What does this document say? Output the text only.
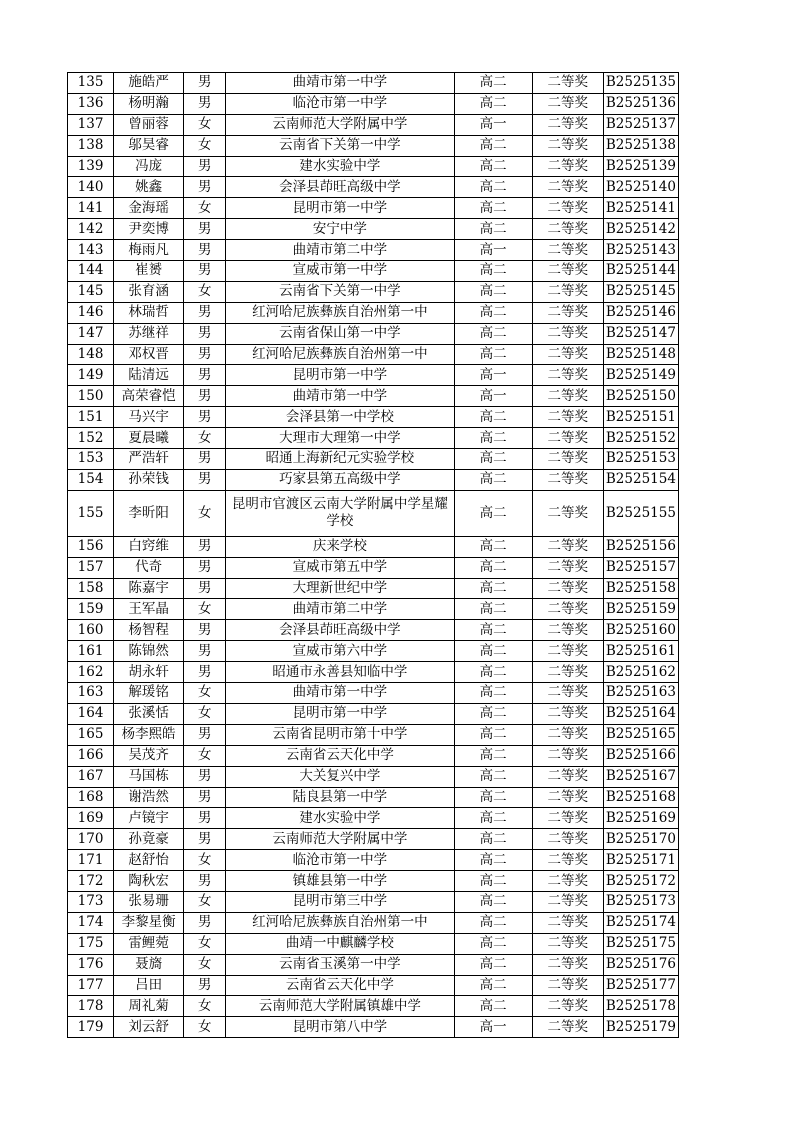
135	施皓严	男	曲靖市第一中学	高二	二等奖	B2525135
136	杨明瀚	男	临沧市第一中学	高二	二等奖	B2525136
137	曾丽蓉	女	云南师范大学附属中学	高一	二等奖	B2525137
138	邬昊睿	女	云南省下关第一中学	高二	二等奖	B2525138
139	冯庞	男	建水实验中学	高二	二等奖	B2525139
140	姚鑫	男	会泽县茚旺高级中学	高二	二等奖	B2525140
141	金海瑶	女	昆明市第一中学	高二	二等奖	B2525141
142	尹奕博	男	安宁中学	高二	二等奖	B2525142
143	梅雨凡	男	曲靖市第二中学	高一	二等奖	B2525143
144	崔赟	男	宣威市第一中学	高二	二等奖	B2525144
145	张育涵	女	云南省下关第一中学	高二	二等奖	B2525145
146	林瑞哲	男	红河哈尼族彝族自治州第一中	高二	二等奖	B2525146
147	苏继祥	男	云南省保山第一中学	高二	二等奖	B2525147
148	邓权晋	男	红河哈尼族彝族自治州第一中	高二	二等奖	B2525148
149	陆清远	男	昆明市第一中学	高一	二等奖	B2525149
150	高荣睿恺	男	曲靖市第一中学	高一	二等奖	B2525150
151	马兴宇	男	会泽县第一中学校	高二	二等奖	B2525151
152	夏晨曦	女	大理市大理第一中学	高二	二等奖	B2525152
153	严浩轩	男	昭通上海新纪元实验学校	高二	二等奖	B2525153
154	孙荣钱	男	巧家县第五高级中学	高二	二等奖	B2525154
155	李昕阳	女	昆明市官渡区云南大学附属中学星耀学校	高二	二等奖	B2525155
156	白窍维	男	庆来学校	高二	二等奖	B2525156
157	代奇	男	宣威市第五中学	高二	二等奖	B2525157
158	陈嘉宇	男	大理新世纪中学	高二	二等奖	B2525158
159	王军晶	女	曲靖市第二中学	高二	二等奖	B2525159
160	杨智程	男	会泽县茚旺高级中学	高二	二等奖	B2525160
161	陈锦然	男	宣威市第六中学	高二	二等奖	B2525161
162	胡永轩	男	昭通市永善县知临中学	高二	二等奖	B2525162
163	解瑗铭	女	曲靖市第一中学	高二	二等奖	B2525163
164	张溪恬	女	昆明市第一中学	高二	二等奖	B2525164
165	杨李熙皓	男	云南省昆明市第十中学	高二	二等奖	B2525165
166	吴茂齐	女	云南省云天化中学	高二	二等奖	B2525166
167	马国栋	男	大关复兴中学	高二	二等奖	B2525167
168	谢浩然	男	陆良县第一中学	高二	二等奖	B2525168
169	卢镜宇	男	建水实验中学	高二	二等奖	B2525169
170	孙竟豪	男	云南师范大学附属中学	高二	二等奖	B2525170
171	赵舒怡	女	临沧市第一中学	高二	二等奖	B2525171
172	陶秋宏	男	镇雄县第一中学	高二	二等奖	B2525172
173	张易珊	女	昆明市第三中学	高二	二等奖	B2525173
174	李黎星衡	男	红河哈尼族彝族自治州第一中	高二	二等奖	B2525174
175	雷鲤菀	女	曲靖一中麒麟学校	高二	二等奖	B2525175
176	聂旖	女	云南省玉溪第一中学	高二	二等奖	B2525176
177	吕田	男	云南省云天化中学	高二	二等奖	B2525177
178	周礼菊	女	云南师范大学附属镇雄中学	高二	二等奖	B2525178
179	刘云舒	女	昆明市第八中学	高一	二等奖	B2525179
